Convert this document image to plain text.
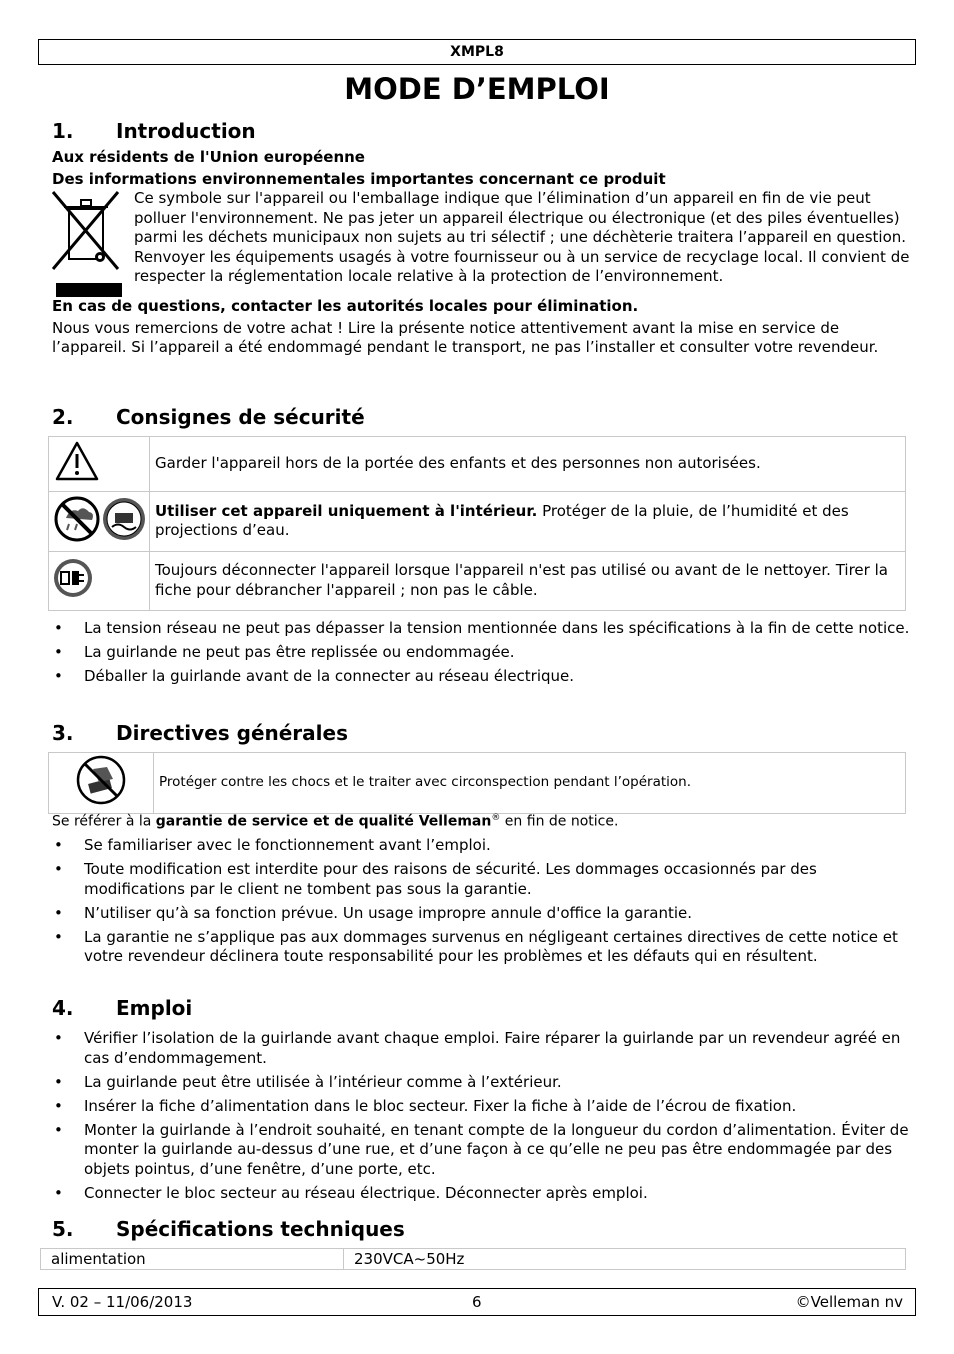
XMPL8
MODE D’EMPLOI
1. Introduction

Aux résidents de l'Union européenne

Des informations environnementales importantes concernant ce produit

Ce symbole sur l'appareil ou l'emballage indique que l’élimination d’un appareil en fin de vie peut polluer l'environnement. Ne pas jeter un appareil électrique ou électronique (et des piles éventuelles) parmi les déchets municipaux non sujets au tri sélectif ; une déchèterie traitera l’appareil en question. Renvoyer les équipements usagés à votre fournisseur ou à un service de recyclage local. Il convient de respecter la réglementation locale relative à la protection de l’environnement.

En cas de questions, contacter les autorités locales pour élimination.

Nous vous remercions de votre achat ! Lire la présente notice attentivement avant la mise en service de l’appareil. Si l’appareil a été endommagé pendant le transport, ne pas l’installer et consulter votre revendeur.

2. Consignes de sécurité
	Garder l'appareil hors de la portée des enfants et des personnes non autorisées.
	Utiliser cet appareil uniquement à l'intérieur. Protéger de la pluie, de l’humidité et des projections d’eau.
	Toujours déconnecter l'appareil lorsque l'appareil n'est pas utilisé ou avant de le nettoyer. Tirer la fiche pour débrancher l'appareil ; non pas le câble.
• La tension réseau ne peut pas dépasser la tension mentionnée dans les spécifications à la fin de cette notice.
• La guirlande ne peut pas être replissée ou endommagée.
• Déballer la guirlande avant de la connecter au réseau électrique.
3. Directives générales
	Protéger contre les chocs et le traiter avec circonspection pendant l’opération.

Se référer à la garantie de service et de qualité Velleman® en fin de notice.

• Se familiariser avec le fonctionnement avant l’emploi.
• Toute modification est interdite pour des raisons de sécurité. Les dommages occasionnés par des modifications par le client ne tombent pas sous la garantie.
• N’utiliser qu’à sa fonction prévue. Un usage impropre annule d'office la garantie.
• La garantie ne s’applique pas aux dommages survenus en négligeant certaines directives de cette notice et votre revendeur déclinera toute responsabilité pour les problèmes et les défauts qui en résultent.
4. Emploi
• Vérifier l’isolation de la guirlande avant chaque emploi. Faire réparer la guirlande par un revendeur agréé en cas d’endommagement.
• La guirlande peut être utilisée à l’intérieur comme à l’extérieur.
• Insérer la fiche d’alimentation dans le bloc secteur. Fixer la fiche à l’aide de l’écrou de fixation.
• Monter la guirlande à l’endroit souhaité, en tenant compte de la longueur du cordon d’alimentation. Éviter de monter la guirlande au-dessus d’une rue, et d’une façon à ce qu’elle ne peu pas être endommagée par des objets pointus, d’une fenêtre, d’une porte, etc.
• Connecter le bloc secteur au réseau électrique. Déconnecter après emploi.
5. Spécifications techniques
alimentation	230VCA~50Hz
V. 02 – 11/06/2013	6	©Velleman nv
